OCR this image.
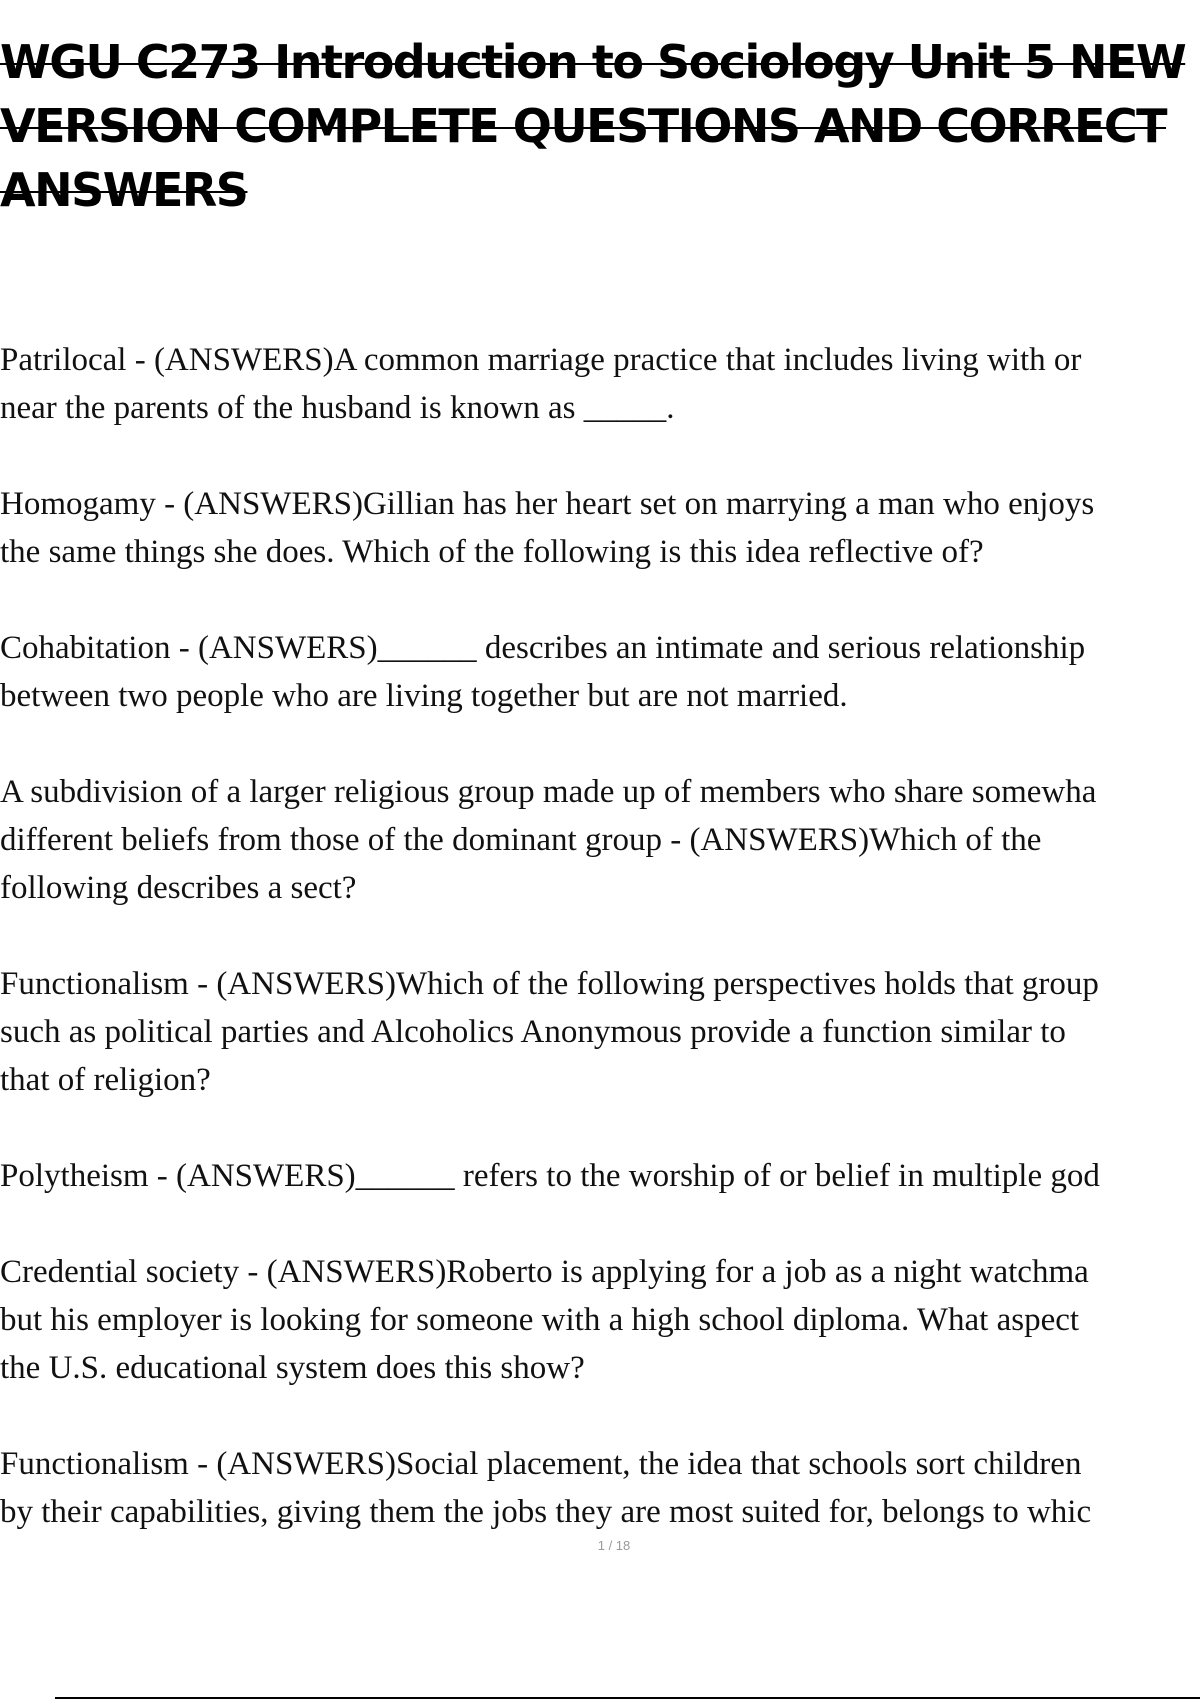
WGU C273 Introduction to Sociology Unit 5 NEW
VERSION COMPLETE QUESTIONS AND CORRECT
ANSWERS
Patrilocal - (ANSWERS)A common marriage practice that includes living with or
near the parents of the husband is known as _____.
Homogamy - (ANSWERS)Gillian has her heart set on marrying a man who enjoys
the same things she does. Which of the following is this idea reflective of?
Cohabitation - (ANSWERS)______ describes an intimate and serious relationship
between two people who are living together but are not married.
A subdivision of a larger religious group made up of members who share somewha
different beliefs from those of the dominant group - (ANSWERS)Which of the
following describes a sect?
Functionalism - (ANSWERS)Which of the following perspectives holds that group
such as political parties and Alcoholics Anonymous provide a function similar to
that of religion?
Polytheism - (ANSWERS)______ refers to the worship of or belief in multiple god
Credential society - (ANSWERS)Roberto is applying for a job as a night watchma
but his employer is looking for someone with a high school diploma. What aspect
the U.S. educational system does this show?
Functionalism - (ANSWERS)Social placement, the idea that schools sort children
by their capabilities, giving them the jobs they are most suited for, belongs to whic
1 / 18
